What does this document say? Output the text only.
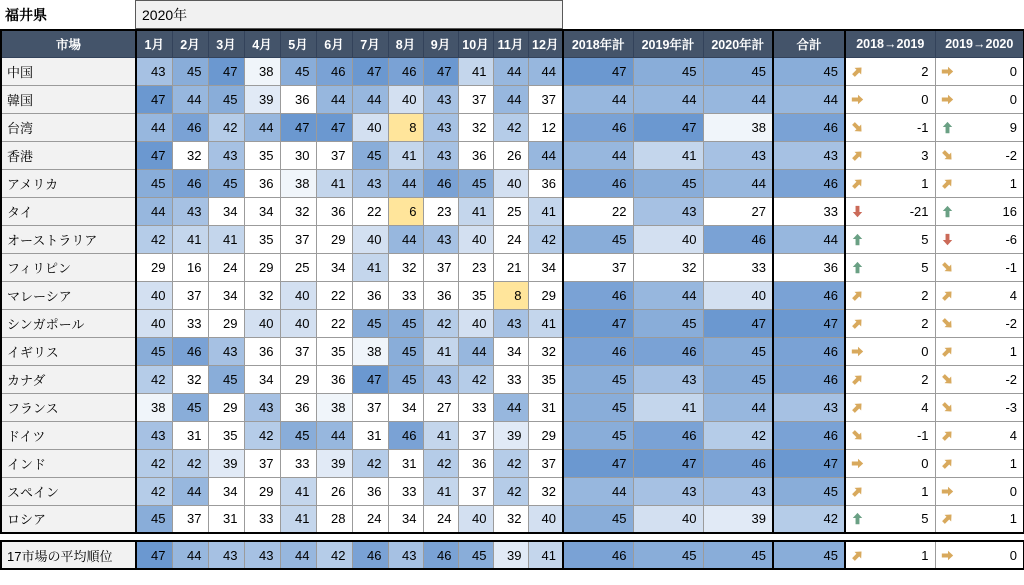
福井県	2020年
市場	1月	2月	3月	4月	5月	6月	7月	8月	9月	10月	11月	12月	2018年計	2019年計	2020年計	合計	2018→2019	2019→2020
中国	43	45	47	38	45	46	47	46	47	41	44	44	47	45	45	45	2	0

韓国	47	44	45	39	36	44	44	40	43	37	44	37	44	44	44	44	0	0

台湾	44	46	42	44	47	47	40	8	43	32	42	12	46	47	38	46	-1	9

香港	47	32	43	35	30	37	45	41	43	36	26	44	44	41	43	43	3	-2

アメリカ	45	46	45	36	38	41	43	44	46	45	40	36	46	45	44	46	1	1

タイ	44	43	34	34	32	36	22	6	23	41	25	41	22	43	27	33	-21	16

オーストラリア	42	41	41	35	37	29	40	44	43	40	24	42	45	40	46	44	5	-6

フィリピン	29	16	24	29	25	34	41	32	37	23	21	34	37	32	33	36	5	-1

マレーシア	40	37	34	32	40	22	36	33	36	35	8	29	46	44	40	46	2	4

シンガポール	40	33	29	40	40	22	45	45	42	40	43	41	47	45	47	47	2	-2

イギリス	45	46	43	36	37	35	38	45	41	44	34	32	46	46	45	46	0	1

カナダ	42	32	45	34	29	36	47	45	43	42	33	35	45	43	45	46	2	-2

フランス	38	45	29	43	36	38	37	34	27	33	44	31	45	41	44	43	4	-3

ドイツ	43	31	35	42	45	44	31	46	41	37	39	29	45	46	42	46	-1	4

インド	42	42	39	37	33	39	42	31	42	36	42	37	47	47	46	47	0	1

スペイン	42	44	34	29	41	26	36	33	41	37	42	32	44	43	43	45	1	0

ロシア	45	37	31	33	41	28	24	34	24	40	32	40	45	40	39	42	5	1
17市場の平均順位	47	44	43	43	44	42	46	43	46	45	39	41	46	45	45	45	1	0
